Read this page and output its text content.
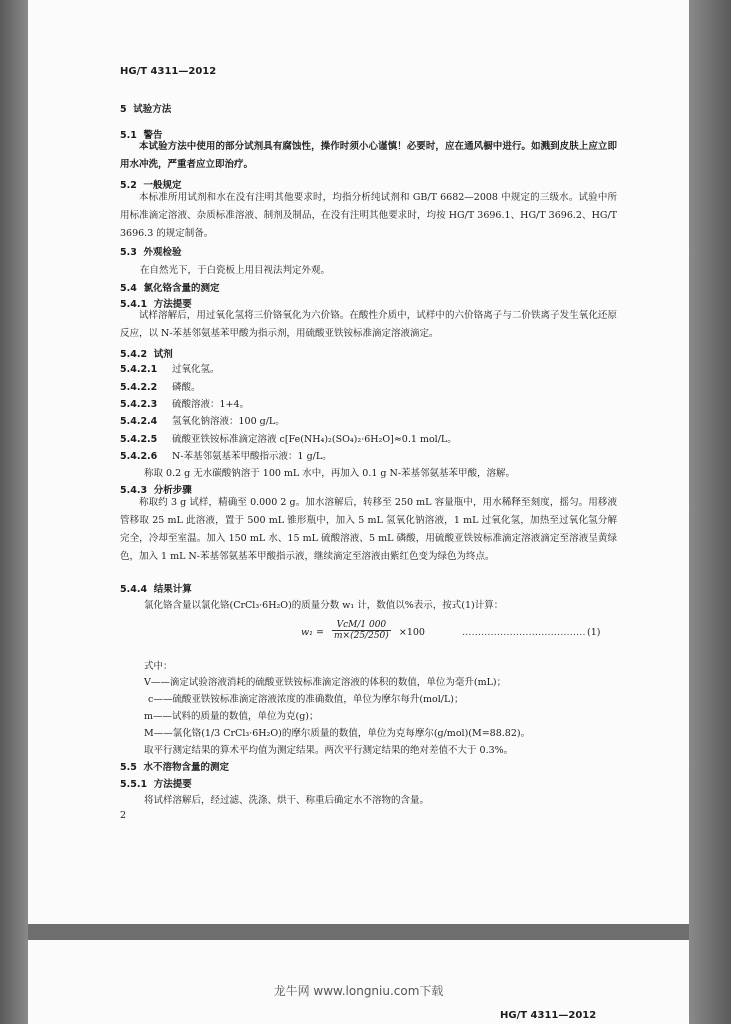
HG/T 4311—2012
5 试验方法
5.1 警告
本试验方法中使用的部分试剂具有腐蚀性，操作时须小心谨慎！必要时，应在通风橱中进行。如溅到皮肤上应立即用水冲洗，严重者应立即治疗。
5.2 一般规定
本标准所用试剂和水在没有注明其他要求时，均指分析纯试剂和 GB/T 6682—2008 中规定的三级水。试验中所用标准滴定溶液、杂质标准溶液、制剂及制品，在没有注明其他要求时，均按 HG/T 3696.1、HG/T 3696.2、HG/T 3696.3 的规定制备。
5.3 外观检验
在自然光下，于白瓷板上用目视法判定外观。
5.4 氯化铬含量的测定
5.4.1 方法提要
试样溶解后，用过氧化氢将三价铬氧化为六价铬。在酸性介质中，试样中的六价铬离子与二价铁离子发生氧化还原反应，以 N-苯基邻氨基苯甲酸为指示剂，用硫酸亚铁铵标准滴定溶液滴定。
5.4.2 试剂
5.4.2.1 过氧化氢。
5.4.2.2 磷酸。
5.4.2.3 硫酸溶液：1+4。
5.4.2.4 氢氧化钠溶液：100 g/L。
5.4.2.5 硫酸亚铁铵标准滴定溶液 c[Fe(NH₄)₂(SO₄)₂·6H₂O]≈0.1 mol/L。
5.4.2.6 N-苯基邻氨基苯甲酸指示液：1 g/L。
称取 0.2 g 无水碳酸钠溶于 100 mL 水中，再加入 0.1 g N-苯基邻氨基苯甲酸，溶解。
5.4.3 分析步骤
称取约 3 g 试样，精确至 0.000 2 g。加水溶解后，转移至 250 mL 容量瓶中，用水稀释至刻度，摇匀。用移液管移取 25 mL 此溶液，置于 500 mL 锥形瓶中，加入 5 mL 氢氧化钠溶液，1 mL 过氧化氢，加热至过氧化氢分解完全，冷却至室温。加入 150 mL 水、15 mL 硫酸溶液、5 mL 磷酸，用硫酸亚铁铵标准滴定溶液滴定至溶液呈黄绿色，加入 1 mL N-苯基邻氨基苯甲酸指示液，继续滴定至溶液由紫红色变为绿色为终点。
5.4.4 结果计算
氯化铬含量以氯化铬(CrCl₃·6H₂O)的质量分数 w₁ 计，数值以%表示，按式(1)计算：
$w_1 = \frac{\text{VcM/1 000}}{m\times(25/250)} \times 100$	………………………………… (1)
式中：
V——滴定试验溶液消耗的硫酸亚铁铵标准滴定溶液的体积的数值，单位为毫升(mL)；
c——硫酸亚铁铵标准滴定溶液浓度的准确数值，单位为摩尔每升(mol/L)；
m——试料的质量的数值，单位为克(g)；
M——氯化铬(1/3 CrCl₃·6H₂O)的摩尔质量的数值，单位为克每摩尔(g/mol)(M=88.82)。
取平行测定结果的算术平均值为测定结果。两次平行测定结果的绝对差值不大于 0.3%。
5.5 水不溶物含量的测定
5.5.1 方法提要
将试样溶解后，经过滤、洗涤、烘干、称重后确定水不溶物的含量。
2
龙牛网 www.longniu.com下载
HG/T 4311—2012
